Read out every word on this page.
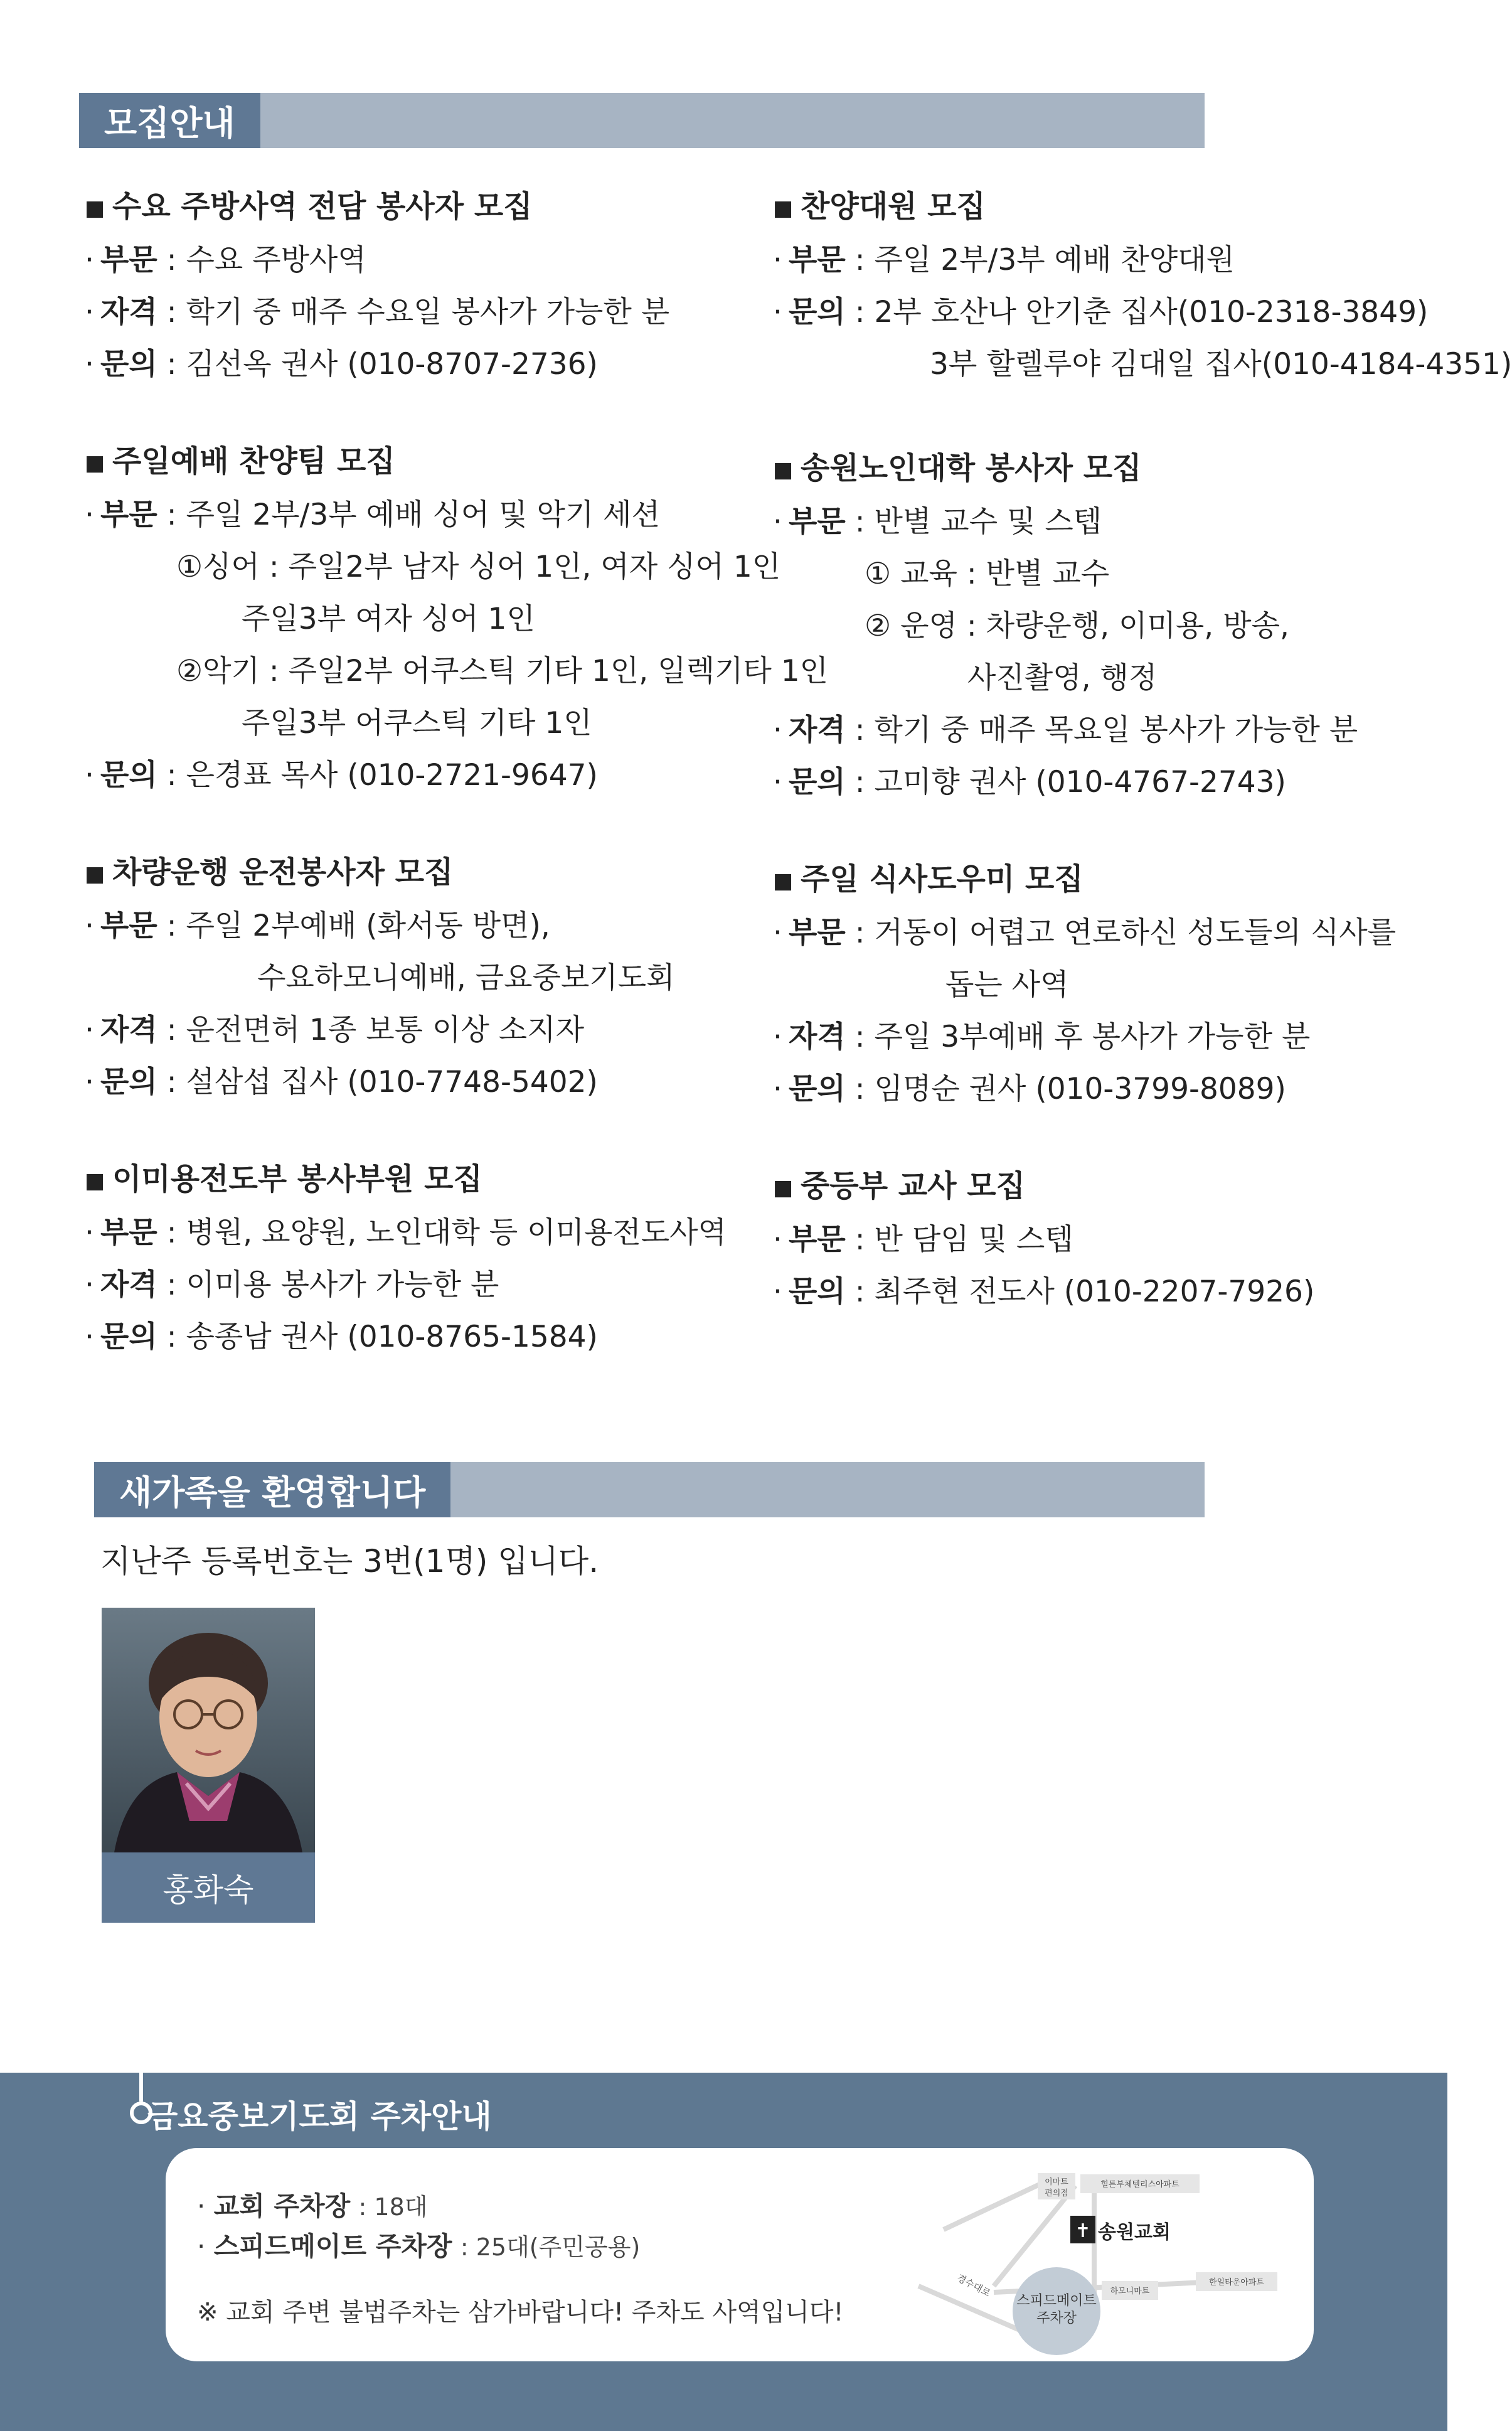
모집안내
■ 수요 주방사역 전담 봉사자 모집
· 부문 : 수요 주방사역
· 자격 : 학기 중 매주 수요일 봉사가 가능한 분
· 문의 : 김선옥 권사 (010-8707-2736)
■ 주일예배 찬양팀 모집
· 부문 : 주일 2부/3부 예배 싱어 및 악기 세션
①싱어 : 주일2부 남자 싱어 1인, 여자 싱어 1인
주일3부 여자 싱어 1인
②악기 : 주일2부 어쿠스틱 기타 1인, 일렉기타 1인
주일3부 어쿠스틱 기타 1인
· 문의 : 은경표 목사 (010-2721-9647)
■ 차량운행 운전봉사자 모집
· 부문 : 주일 2부예배 (화서동 방면),
수요하모니예배, 금요중보기도회
· 자격 : 운전면허 1종 보통 이상 소지자
· 문의 : 설삼섭 집사 (010-7748-5402)
■ 이미용전도부 봉사부원 모집
· 부문 : 병원, 요양원, 노인대학 등 이미용전도사역
· 자격 : 이미용 봉사가 가능한 분
· 문의 : 송종남 권사 (010-8765-1584)
■ 찬양대원 모집
· 부문 : 주일 2부/3부 예배 찬양대원
· 문의 : 2부 호산나 안기춘 집사(010-2318-3849)
3부 할렐루야 김대일 집사(010-4184-4351)
■ 송원노인대학 봉사자 모집
· 부문 : 반별 교수 및 스텝
① 교육 : 반별 교수
② 운영 : 차량운행, 이미용, 방송,
사진촬영, 행정
· 자격 : 학기 중 매주 목요일 봉사가 가능한 분
· 문의 : 고미향 권사 (010-4767-2743)
■ 주일 식사도우미 모집
· 부문 : 거동이 어렵고 연로하신 성도들의 식사를
돕는 사역
· 자격 : 주일 3부예배 후 봉사가 가능한 분
· 문의 : 임명순 권사 (010-3799-8089)
■ 중등부 교사 모집
· 부문 : 반 담임 및 스텝
· 문의 : 최주현 전도사 (010-2207-7926)
새가족을 환영합니다
지난주 등록번호는 3번(1명) 입니다.
홍화숙
금요중보기도회 주차안내
· 교회 주차장 : 18대
· 스피드메이트 주차장 : 25대(주민공용)
※ 교회 주변 불법주차는 삼가바랍니다! 주차도 사역입니다!
이마트
편의점
힐튼부체텔리스아파트
✝ 송원교회
경수대로
스피드메이트
주차장
하모니마트
한일타운아파트
